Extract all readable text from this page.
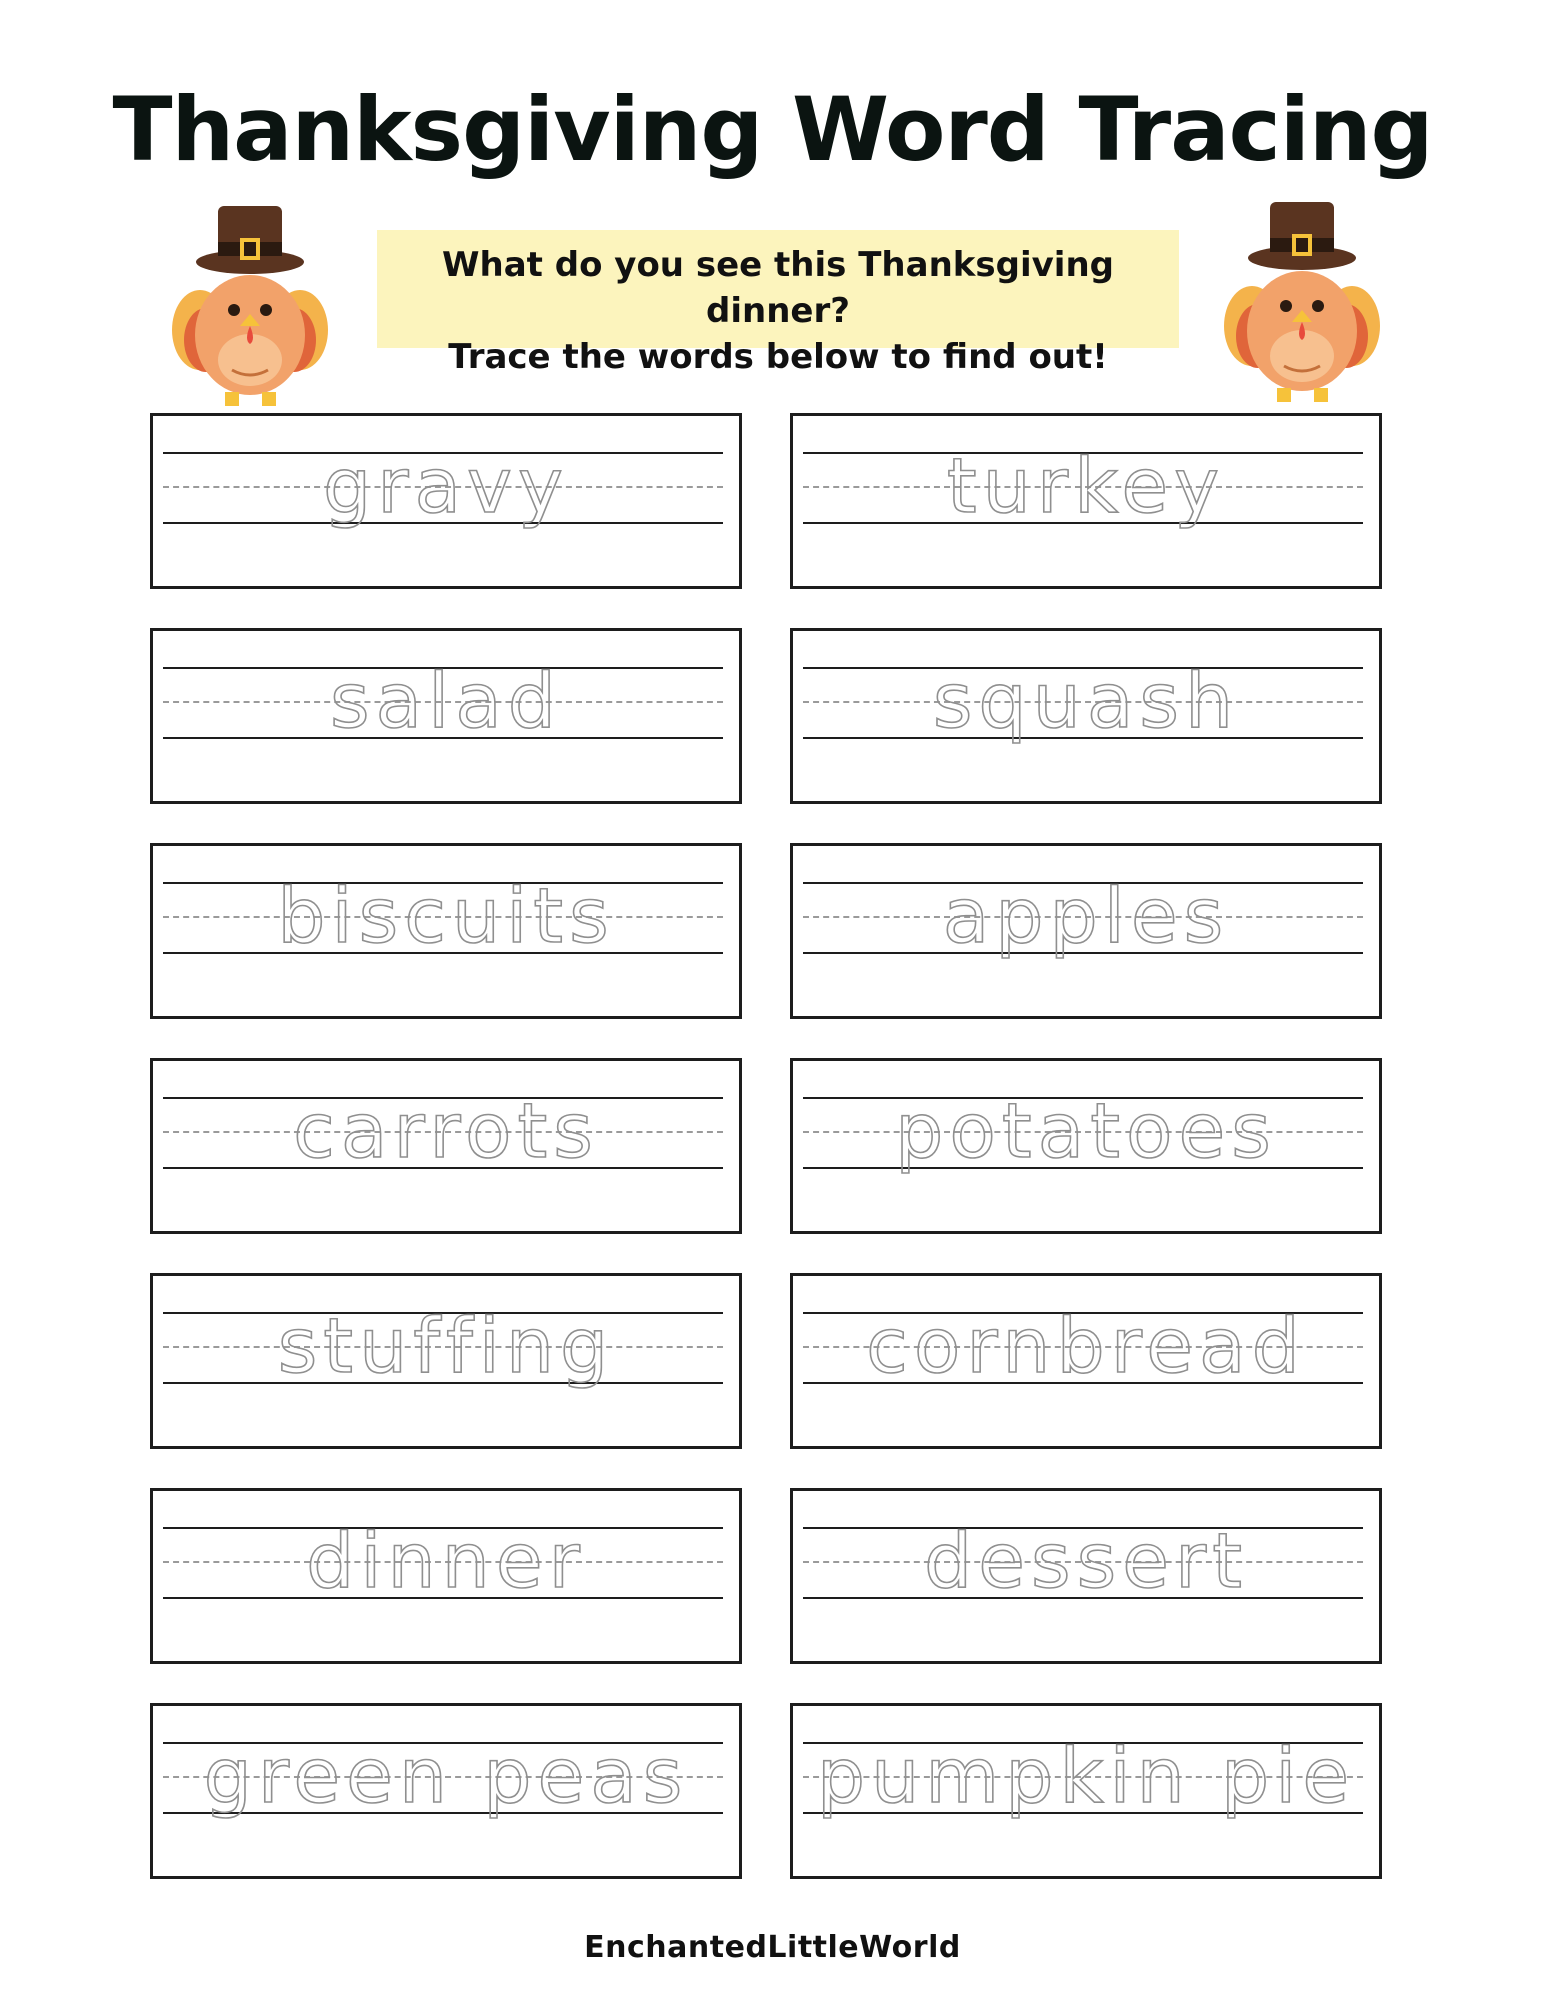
Thanksgiving Word Tracing
What do you see this Thanksgiving dinner?
Trace the words below to find out!
gravy	turkey
salad	squash
biscuits	apples
carrots	potatoes
stuffing	cornbread
dinner	dessert
green peas	pumpkin pie
EnchantedLittleWorld
